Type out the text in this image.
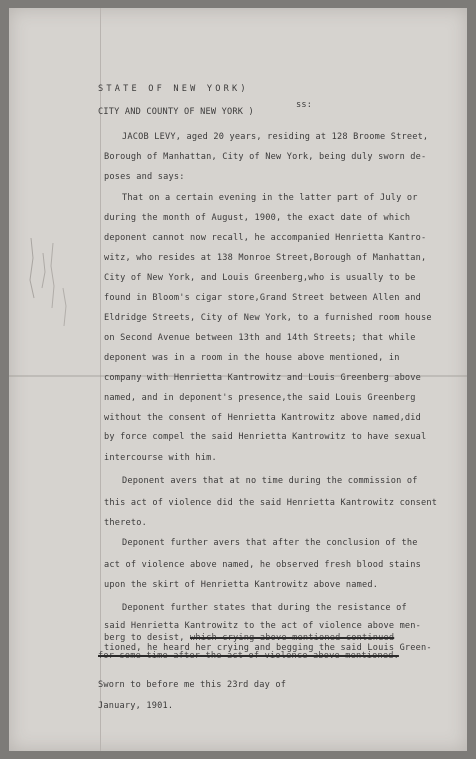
STATE OF NEW YORK)
CITY AND COUNTY OF NEW YORK )
ss:
JACOB LEVY, aged 20 years, residing at 128 Broome Street,
Borough of Manhattan, City of New York, being duly sworn de-
poses and says:
That on a certain evening in the latter part of July or
during the month of August, 1900, the exact date of which
deponent cannot now recall, he accompanied Henrietta Kantro-
witz, who resides at 138 Monroe Street,Borough of Manhattan,
City of New York, and Louis Greenberg,who is usually to be
found in Bloom's cigar store,Grand Street between Allen and
Eldridge Streets, City of New York, to a furnished room house
on Second Avenue between 13th and 14th Streets; that while
deponent was in a room in the house above mentioned, in
company with Henrietta Kantrowitz and Louis Greenberg above
named, and in deponent's presence,the said Louis Greenberg
without the consent of Henrietta Kantrowitz above named,did
by force compel the said Henrietta Kantrowitz to have sexual
intercourse with him.
Deponent avers that at no time during the commission of
this act of violence did the said Henrietta Kantrowitz consent
thereto.
Deponent further avers that after the conclusion of the
act of violence above named, he observed fresh blood stains
upon the skirt of Henrietta Kantrowitz above named.
Deponent further states that during the resistance of
said Henrietta Kantrowitz to the act of violence above men-
tioned, he heard her crying and begging the said Louis Green-
berg to desist, which crying above mentioned continued
for some time after the act of violence above mentioned.
Sworn to before me this 23rd day of
January, 1901.
